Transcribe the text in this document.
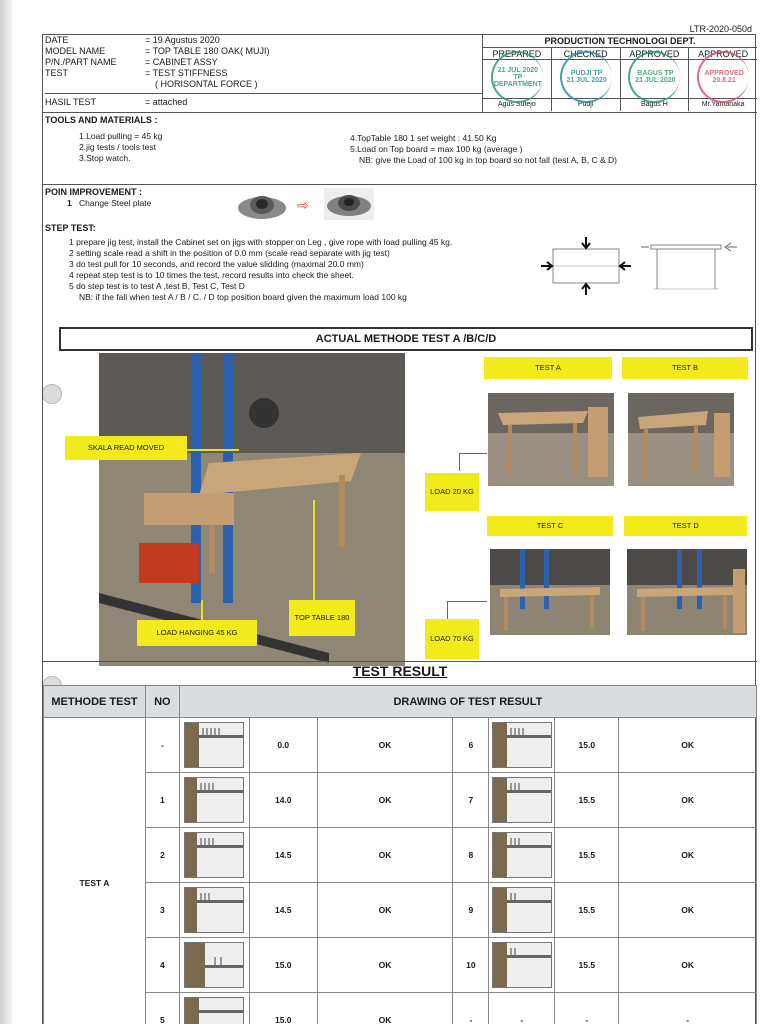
LTR-2020-050d
DATE	= 19 Agustus 2020
MODEL NAME	= TOP TABLE 180 OAK( MUJI)
P/N./PART NAME	= CABINET ASSY
TEST	= TEST STIFFNESS
( HORISONTAL FORCE )
HASIL TEST	= attached
PRODUCTION TECHNOLOGI DEPT.
PREPARED	CHECKED	APPROVED	APPROVED
21 JUL 2020
TP DEPARTMENT
PUDJI TP
21 JUL 2020
BAGUS TP
21 JUL 2020
APPROVED
20.8.21
Agus Sutejo	Pudji	Bagus H	Mr.Yamanaka
TOOLS AND MATERIALS :
1.Load pulling = 45 kg
2.jig tests / tools test
3.Stop watch.
4.TopTable 180 1 set weight : 41.50 Kg
5.Load on Top board = max 100 kg (average )
NB: give the Load of 100 kg in top board so not fall (test A, B, C & D)
POIN IMPROVEMENT :
1 Change Steel plate	⇨
STEP TEST:
1 prepare jig test, install the Cabinet set on jigs with stopper on Leg , give rope with load pulling 45 kg.
2 setting scale read a shift in the position of 0.0 mm (scale read separate with jig test)
3 do test pull for 10 seconds, and record the value slidding (maximal 20.0 mm)
4 repeat step test is to 10 times the test, record results into check the sheet.
5 do step test is to test A ,test B, Test C, Test D
NB: if the fall when test A / B / C. / D top position board given the maximum load 100 kg
ACTUAL METHODE TEST A /B/C/D
SKALA READ MOVED
LOAD HANGING 45 KG
TOP TABLE 180
TEST A	TEST B
LOAD 20 KG
TEST C	TEST D
LOAD 70 KG
TEST RESULT
METHODE TEST	NO	DRAWING OF TEST RESULT						
TEST A	-		0.0	OK	6		15.0	OK
	1		14.0	OK	7		15.5	OK
	2		14.5	OK	8		15.5	OK
	3		14.5	OK	9		15.5	OK
	4		15.0	OK	10		15.5	OK
	5		15.0	OK	-	-	-	-
